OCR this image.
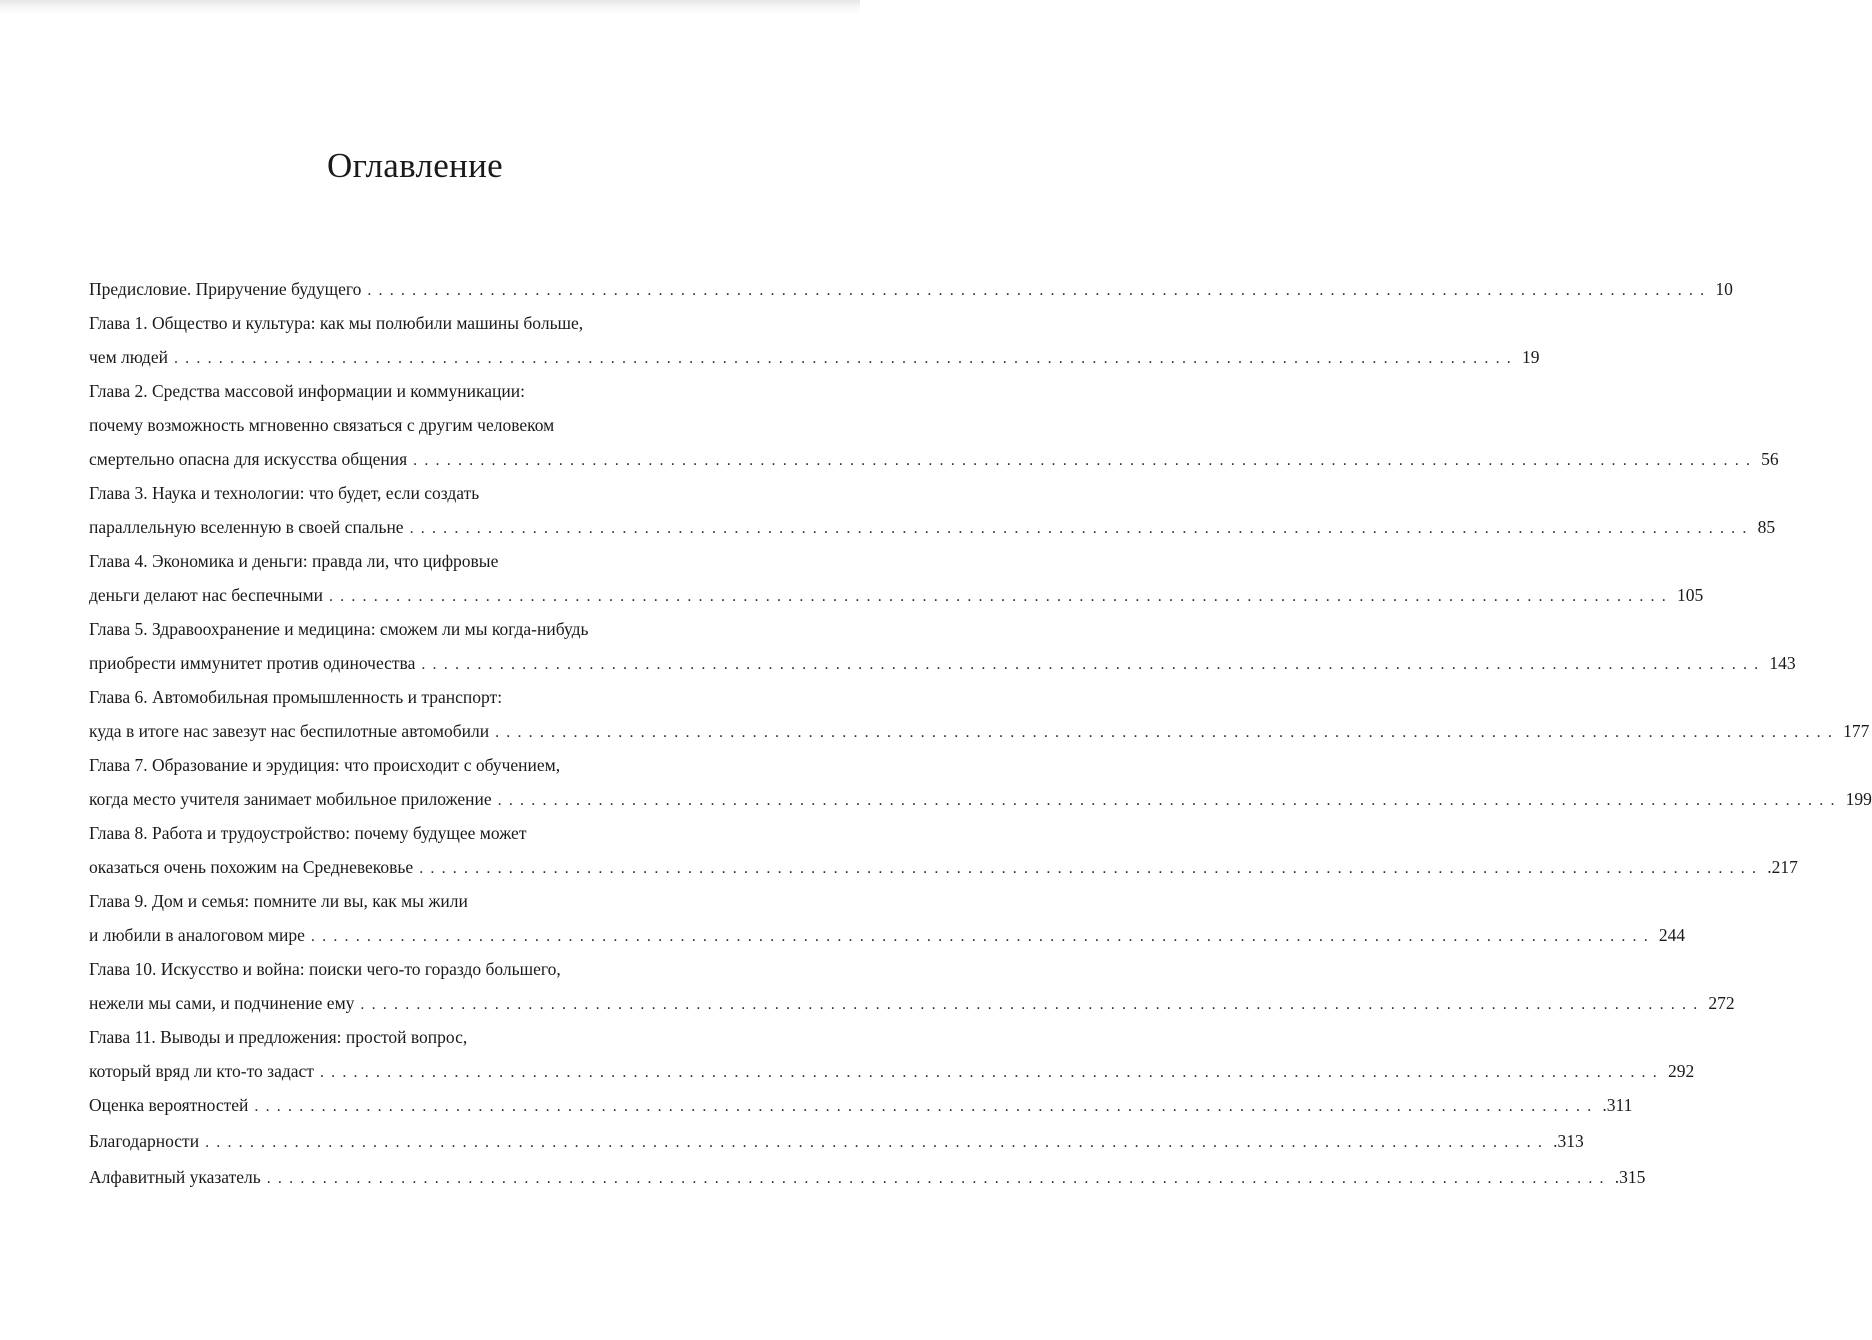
Оглавление
Предисловие. Приручение будущего ........................................................................................................................ 10
Глава 1. Общество и культура: как мы полюбили машины больше,
чем людей ........................................................................................................................ 19
Глава 2. Средства массовой информации и коммуникации:
почему возможность мгновенно связаться с другим человеком
смертельно опасна для искусства общения ........................................................................................................................ 56
Глава 3. Наука и технологии: что будет, если создать
параллельную вселенную в своей спальне ........................................................................................................................ 85
Глава 4. Экономика и деньги: правда ли, что цифровые
деньги делают нас беспечными ........................................................................................................................ 105
Глава 5. Здравоохранение и медицина: сможем ли мы когда-нибудь
приобрести иммунитет против одиночества ........................................................................................................................ 143
Глава 6. Автомобильная промышленность и транспорт:
куда в итоге нас завезут нас беспилотные автомобили ........................................................................................................................ 177
Глава 7. Образование и эрудиция: что происходит с обучением,
когда место учителя занимает мобильное приложение ........................................................................................................................ 199
Глава 8. Работа и трудоустройство: почему будущее может
оказаться очень похожим на Средневековье ........................................................................................................................ .217
Глава 9. Дом и семья: помните ли вы, как мы жили
и любили в аналоговом мире ........................................................................................................................ 244
Глава 10. Искусство и война: поиски чего-то гораздо большего,
нежели мы сами, и подчинение ему ........................................................................................................................ 272
Глава 11. Выводы и предложения: простой вопрос,
который вряд ли кто-то задаст ........................................................................................................................ 292
Оценка вероятностей ........................................................................................................................ .311
Благодарности ........................................................................................................................ .313
Алфавитный указатель ........................................................................................................................ .315
